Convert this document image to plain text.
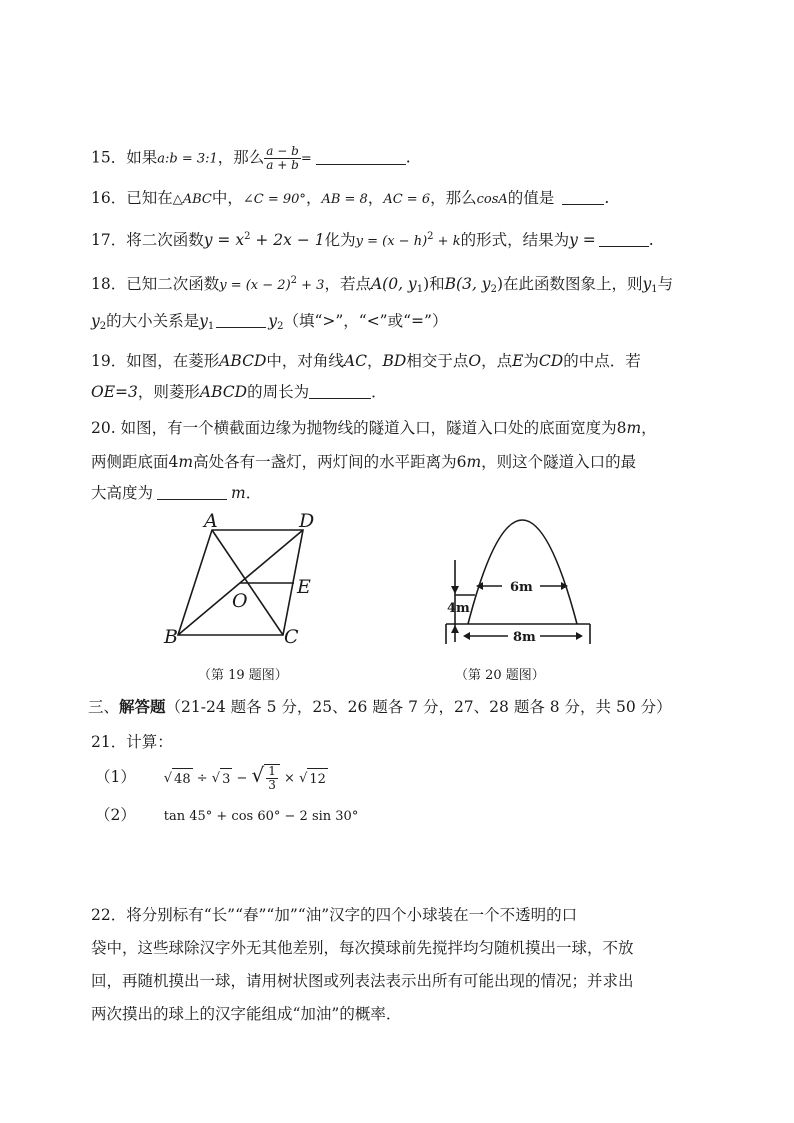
15．如果a:b = 3:1，那么 $\frac{a - b}{a + b}$ =	.
16．已知在△ABC中，∠C = 90°，AB = 8，AC = 6，那么cosA的值是	.
17．将二次函数$y = x^2 + 2x - 1$化为$y = (x - h)^2 + k$的形式，结果为y =	.
18．已知二次函数$y = (x - 2)^2 + 3$，若点A(0, $y_1$)和B(3, $y_2$)在此函数图象上，则$y_1$与
$y_2$的大小关系是$y_1$	$y_2$（填“>”，“<”或“=”）
19．如图，在菱形ABCD中，对角线AC，BD相交于点O，点E为CD的中点．若
OE=3，则菱形ABCD的周长为	．
20. 如图，有一个横截面边缘为抛物线的隧道入口，隧道入口处的底面宽度为8m，
两侧距底面4m高处各有一盏灯，两灯间的水平距离为6m，则这个隧道入口的最
大高度为	m．
A	D
B	C
O
E
（第 19 题图）
6m
4m
8m
（第 20 题图）
三、解答题（21-24 题各 5 分，25、26 题各 7 分，27、28 题各 8 分，共 50 分）
21．计算：
（1） √ 48 ÷ √ 3 − √ $\frac{1}{3}$ × √ 12
（2） tan 45° + cos 60° − 2 sin 30°
22．将分别标有“长”“春”“加”“油”汉字的四个小球装在一个不透明的口
袋中，这些球除汉字外无其他差别，每次摸球前先搅拌均匀随机摸出一球，不放
回，再随机摸出一球，请用树状图或列表法表示出所有可能出现的情况；并求出
两次摸出的球上的汉字能组成“加油”的概率．
